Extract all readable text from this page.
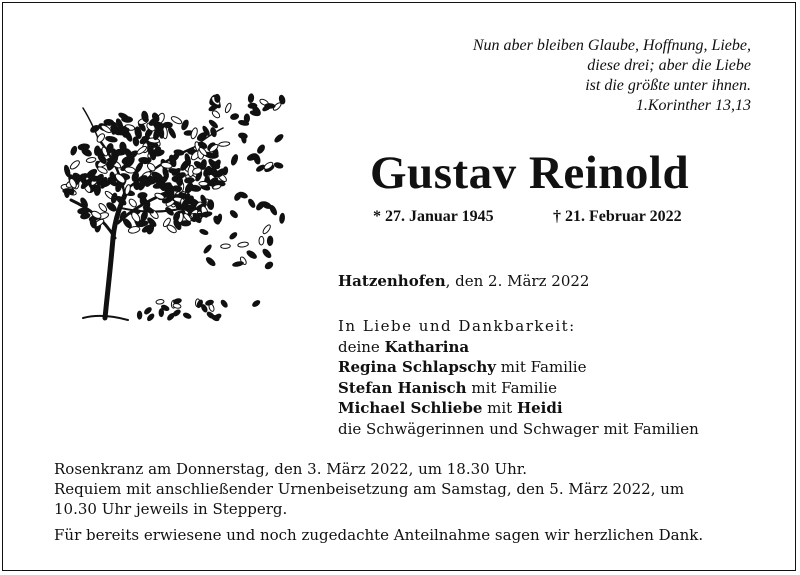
Nun aber bleiben Glaube, Hoffnung, Liebe,
diese drei; aber die Liebe
ist die größte unter ihnen.
1.Korinther 13,13
Gustav Reinold
* 27. Januar 1945	† 21. Februar 2022
Hatzenhofen, den 2. März 2022
In Liebe und Dankbarkeit:
deine Katharina
Regina Schlapschy mit Familie
Stefan Hanisch mit Familie
Michael Schliebe mit Heidi
die Schwägerinnen und Schwager mit Familien
Rosenkranz am Donnerstag, den 3. März 2022, um 18.30 Uhr.
Requiem mit anschließender Urnenbeisetzung am Samstag, den 5. März 2022, um
10.30 Uhr jeweils in Stepperg.
Für bereits erwiesene und noch zugedachte Anteilnahme sagen wir herzlichen Dank.
